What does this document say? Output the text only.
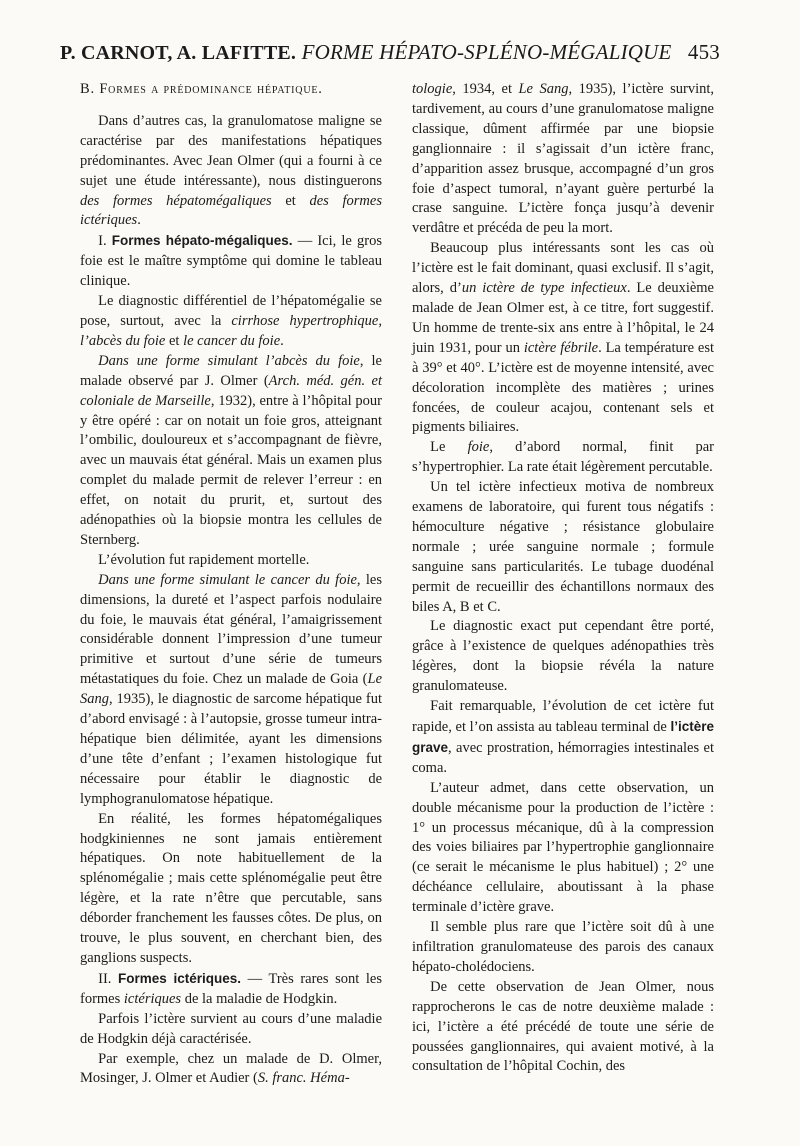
P. CARNOT, A. LAFITTE. FORME HÉPATO-SPLÉNO-MÉGALIQUE 453

B. Formes a prédominance hépatique.

Dans d’autres cas, la granulomatose maligne se caractérise par des manifestations hépatiques prédominantes. Avec Jean Olmer (qui a fourni à ce sujet une étude intéressante), nous distinguerons des formes hépatomégaliques et des formes ictériques.

I. Formes hépato-mégaliques. — Ici, le gros foie est le maître symptôme qui domine le tableau clinique.

Le diagnostic différentiel de l’hépatomégalie se pose, surtout, avec la cirrhose hypertrophique, l’abcès du foie et le cancer du foie.

Dans une forme simulant l’abcès du foie, le malade observé par J. Olmer (Arch. méd. gén. et coloniale de Marseille, 1932), entre à l’hôpital pour y être opéré : car on notait un foie gros, atteignant l’ombilic, douloureux et s’accompagnant de fièvre, avec un mauvais état général. Mais un examen plus complet du malade permit de relever l’erreur : en effet, on notait du prurit, et, surtout des adénopathies où la biopsie montra les cellules de Sternberg.

L’évolution fut rapidement mortelle.

Dans une forme simulant le cancer du foie, les dimensions, la dureté et l’aspect parfois nodulaire du foie, le mauvais état général, l’amaigrissement considérable donnent l’impression d’une tumeur primitive et surtout d’une série de tumeurs métastatiques du foie. Chez un malade de Goia (Le Sang, 1935), le diagnostic de sarcome hépatique fut d’abord envisagé : à l’autopsie, grosse tumeur intra-hépatique bien délimitée, ayant les dimensions d’une tête d’enfant ; l’examen histologique fut nécessaire pour établir le diagnostic de lymphogranulomatose hépatique.

En réalité, les formes hépatomégaliques hodgkiniennes ne sont jamais entièrement hépatiques. On note habituellement de la splénomégalie ; mais cette splénomégalie peut être légère, et la rate n’être que percutable, sans déborder franchement les fausses côtes. De plus, on trouve, le plus souvent, en cherchant bien, des ganglions suspects.

II. Formes ictériques. — Très rares sont les formes ictériques de la maladie de Hodgkin.

Parfois l’ictère survient au cours d’une maladie de Hodgkin déjà caractérisée.

Par exemple, chez un malade de D. Olmer, Mosinger, J. Olmer et Audier (S. franc. Héma-

tologie, 1934, et Le Sang, 1935), l’ictère survint, tardivement, au cours d’une granulomatose maligne classique, dûment affirmée par une biopsie ganglionnaire : il s’agissait d’un ictère franc, d’apparition assez brusque, accompagné d’un gros foie d’aspect tumoral, n’ayant guère perturbé la crase sanguine. L’ictère fonça jusqu’à devenir verdâtre et précéda de peu la mort.

Beaucoup plus intéressants sont les cas où l’ictère est le fait dominant, quasi exclusif. Il s’agit, alors, d’un ictère de type infectieux. Le deuxième malade de Jean Olmer est, à ce titre, fort suggestif. Un homme de trente-six ans entre à l’hôpital, le 24 juin 1931, pour un ictère fébrile. La température est à 39° et 40°. L’ictère est de moyenne intensité, avec décoloration incomplète des matières ; urines foncées, de couleur acajou, contenant sels et pigments biliaires.

Le foie, d’abord normal, finit par s’hypertrophier. La rate était légèrement percutable.

Un tel ictère infectieux motiva de nombreux examens de laboratoire, qui furent tous négatifs : hémoculture négative ; résistance globulaire normale ; urée sanguine normale ; formule sanguine sans particularités. Le tubage duodénal permit de recueillir des échantillons normaux des biles A, B et C.

Le diagnostic exact put cependant être porté, grâce à l’existence de quelques adénopathies très légères, dont la biopsie révéla la nature granulomateuse.

Fait remarquable, l’évolution de cet ictère fut rapide, et l’on assista au tableau terminal de l’ictère grave, avec prostration, hémorragies intestinales et coma.

L’auteur admet, dans cette observation, un double mécanisme pour la production de l’ictère : 1° un processus mécanique, dû à la compression des voies biliaires par l’hypertrophie ganglionnaire (ce serait le mécanisme le plus habituel) ; 2° une déchéance cellulaire, aboutissant à la phase terminale d’ictère grave.

Il semble plus rare que l’ictère soit dû à une infiltration granulomateuse des parois des canaux hépato-cholédociens.

De cette observation de Jean Olmer, nous rapprocherons le cas de notre deuxième malade : ici, l’ictère a été précédé de toute une série de poussées ganglionnaires, qui avaient motivé, à la consultation de l’hôpital Cochin, des
